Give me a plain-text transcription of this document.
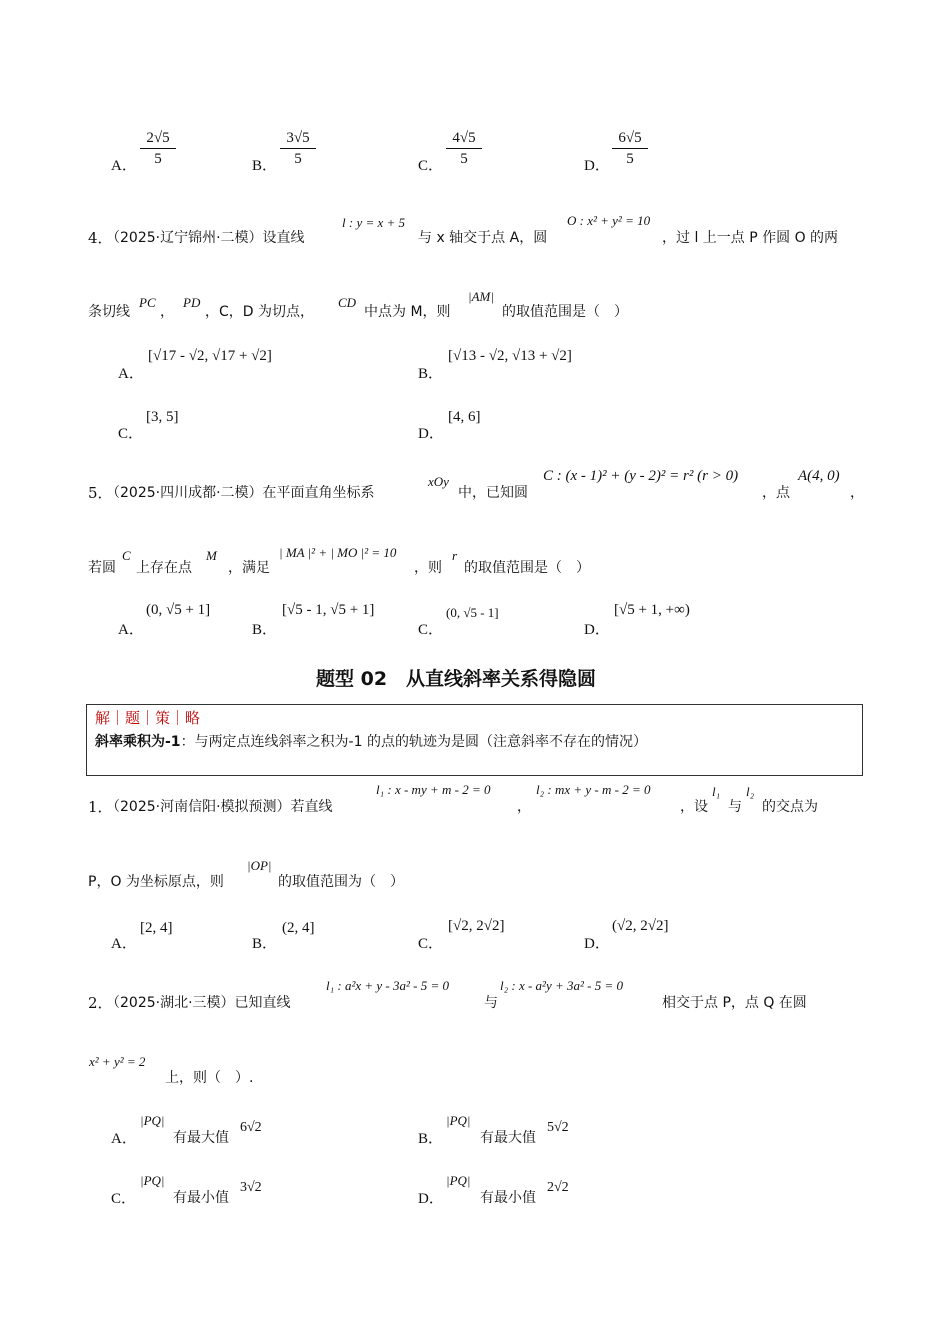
A． $\frac{2√5}{5}$	B． $\frac{3√5}{5}$	C． $\frac{4√5}{5}$	D． $\frac{6√5}{5}$
4．
（2025·辽宁锦州·二模）设直线
l : y = x + 5
与 x 轴交于点 A，圆
O : x² + y² = 10
，过 l 上一点 P 作圆 O 的两
条切线
PC
，
PD
，C，D 为切点，
CD
中点为 M，则
|AM|
的取值范围是（　）
A．
[√17 - √2, √17 + √2]
B．
[√13 - √2, √13 + √2]
C．
[3, 5]
D．
[4, 6]
5．
（2025·四川成都·二模）在平面直角坐标系
xOy
中，已知圆
C : (x - 1)² + (y - 2)² = r² (r > 0)
，点
A(4, 0)
，
若圆
C
上存在点
M
，满足
| MA |² + | MO |² = 10
，则
r
的取值范围是（　）
A．
(0, √5 + 1]
B．
[√5 - 1, √5 + 1]
C．
(0, √5 - 1]
D．
[√5 + 1, +∞)
题型 02　从直线斜率关系得隐圆
解｜题｜策｜略
斜率乘积为-1：与两定点连线斜率之积为-1 的点的轨迹为是圆（注意斜率不存在的情况）
1．
（2025·河南信阳·模拟预测）若直线
l₁ : x - my + m - 2 = 0
，
l₂ : mx + y - m - 2 = 0
，设
l₁
与
l₂
的交点为
P，O 为坐标原点，则
|OP|
的取值范围为（　）
A．
[2, 4]
B．
(2, 4]
C．
[√2, 2√2]
D．
(√2, 2√2]
2．
（2025·湖北·三模）已知直线
l₁ : a²x + y - 3a² - 5 = 0
与
l₂ : x - a²y + 3a² - 5 = 0
相交于点 P，点 Q 在圆
x² + y² = 2
上，则（　）.
A．
|PQ|
有最大值
6√2
B．
|PQ|
有最大值
5√2
C．
|PQ|
有最小值
3√2
D．
|PQ|
有最小值
2√2
